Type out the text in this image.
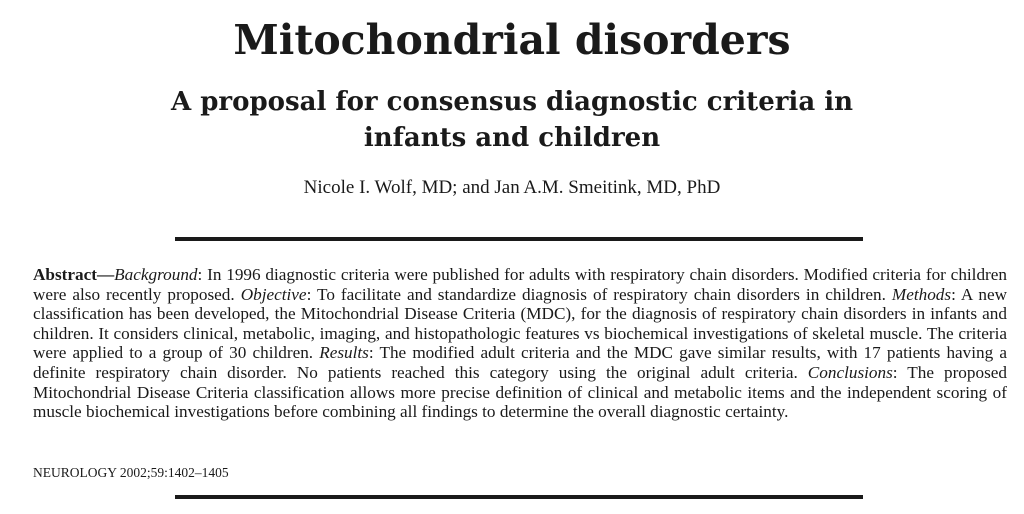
Mitochondrial disorders
A proposal for consensus diagnostic criteria in infants and children
Nicole I. Wolf, MD; and Jan A.M. Smeitink, MD, PhD
Abstract—Background: In 1996 diagnostic criteria were published for adults with respiratory chain disorders. Modified criteria for children were also recently proposed. Objective: To facilitate and standardize diagnosis of respiratory chain disorders in children. Methods: A new classification has been developed, the Mitochondrial Disease Criteria (MDC), for the diagnosis of respiratory chain disorders in infants and children. It considers clinical, metabolic, imaging, and histopathologic features vs biochemical investigations of skeletal muscle. The criteria were applied to a group of 30 children. Results: The modified adult criteria and the MDC gave similar results, with 17 patients having a definite respiratory chain disorder. No patients reached this category using the original adult criteria. Conclusions: The proposed Mitochondrial Disease Criteria classification allows more precise definition of clinical and metabolic items and the independent scoring of muscle biochemical investigations before combining all findings to determine the overall diagnostic certainty.
NEUROLOGY 2002;59:1402–1405
